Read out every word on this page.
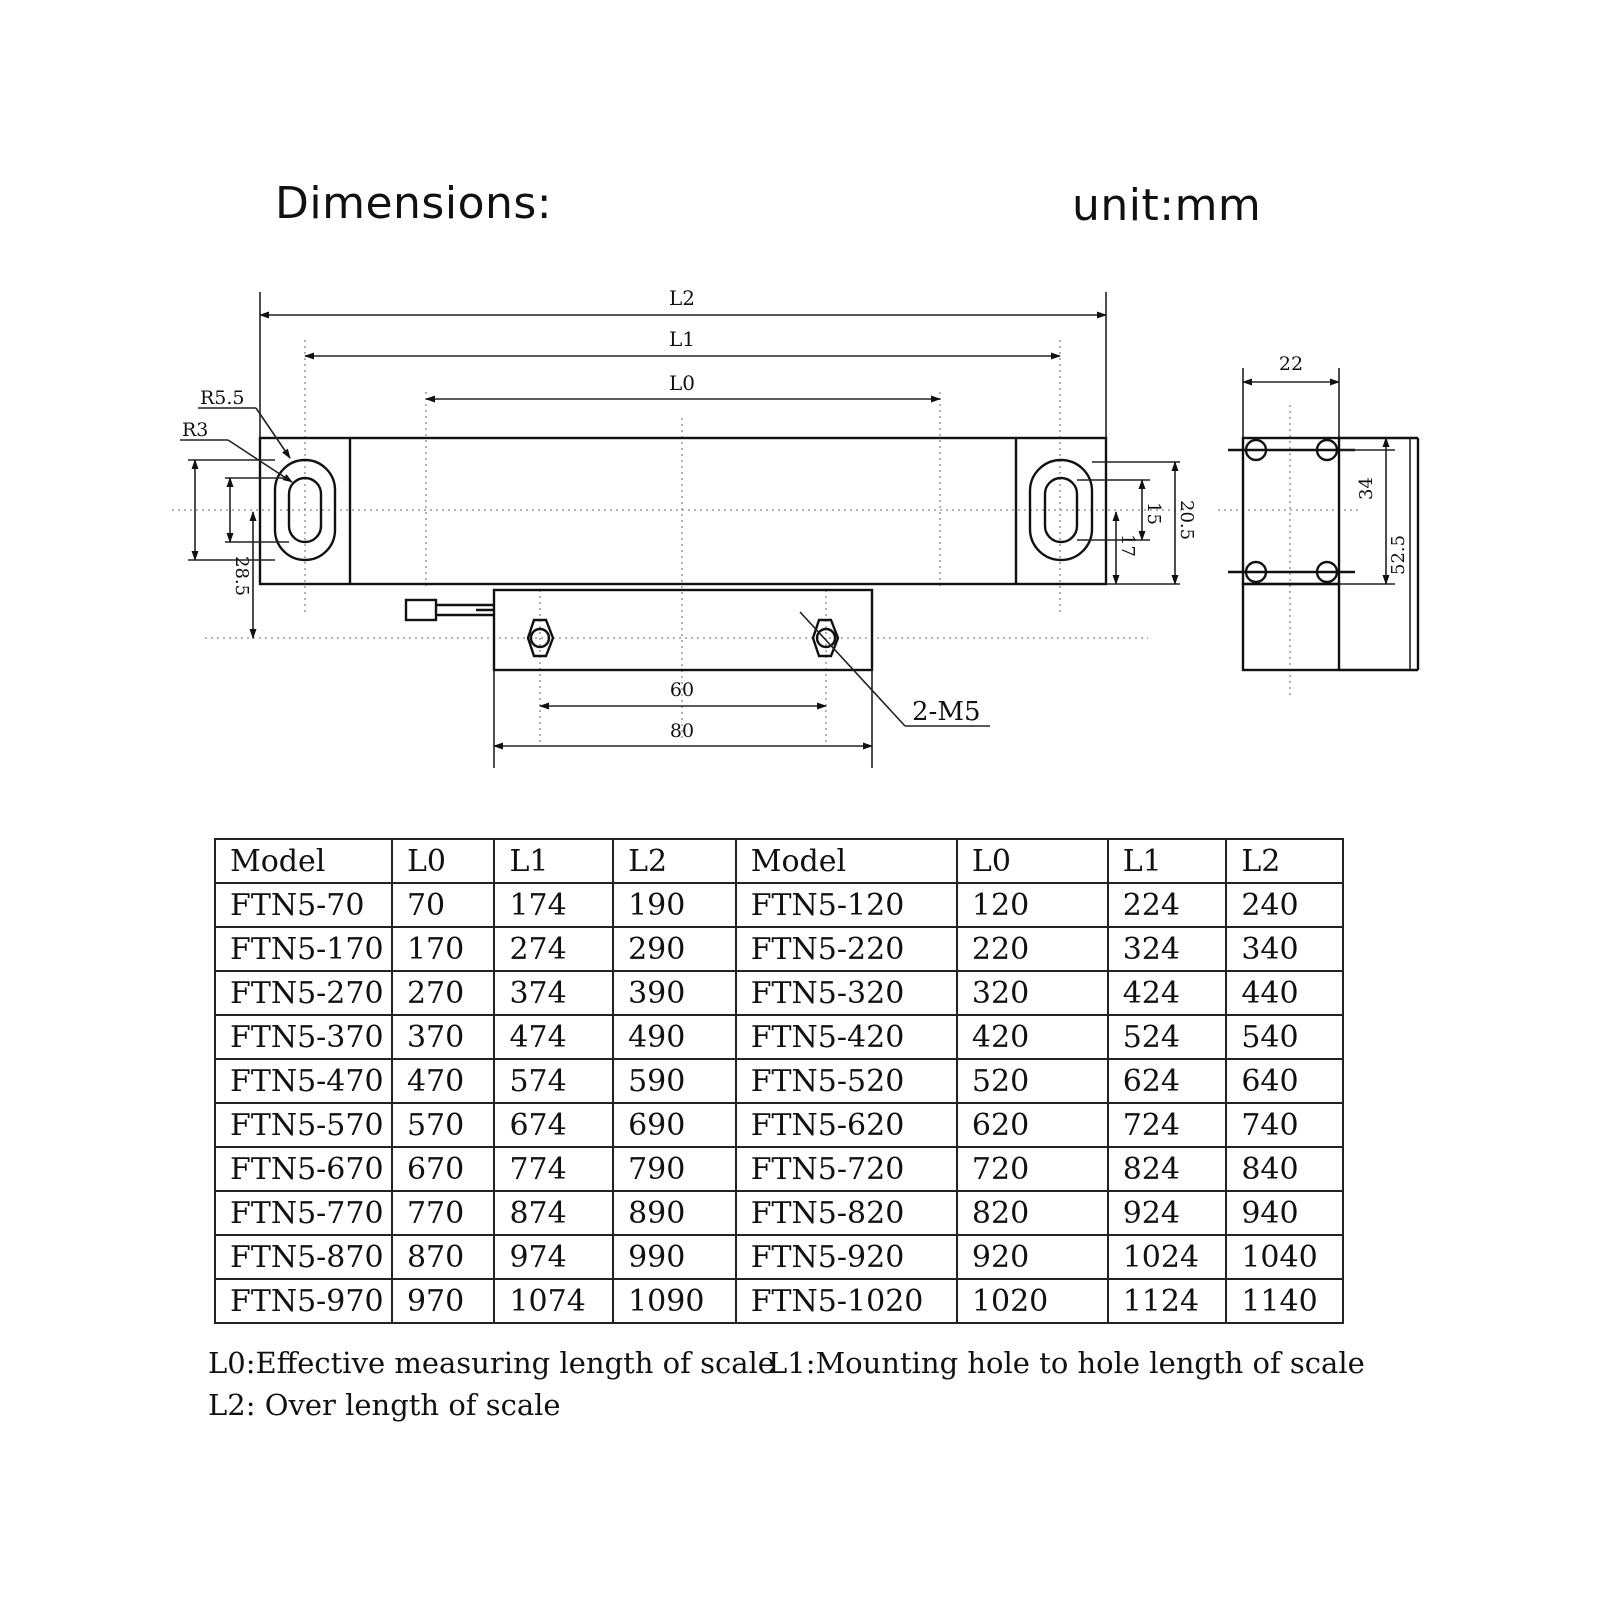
Dimensions:	unit:mm
L2
L1
L0
R5.5
R3
28.5
20.5
15
17
2-M5
60
80
22
34
52.5
Model	L0	L1	L2	Model	L0	L1	L2
FTN5-70	70	174	190	FTN5-120	120	224	240
FTN5-170	170	274	290	FTN5-220	220	324	340
FTN5-270	270	374	390	FTN5-320	320	424	440
FTN5-370	370	474	490	FTN5-420	420	524	540
FTN5-470	470	574	590	FTN5-520	520	624	640
FTN5-570	570	674	690	FTN5-620	620	724	740
FTN5-670	670	774	790	FTN5-720	720	824	840
FTN5-770	770	874	890	FTN5-820	820	924	940
FTN5-870	870	974	990	FTN5-920	920	1024	1040
FTN5-970	970	1074	1090	FTN5-1020	1020	1124	1140
L0:Effective measuring length of scale
L1:Mounting hole to hole length of scale
L2: Over length of scale
